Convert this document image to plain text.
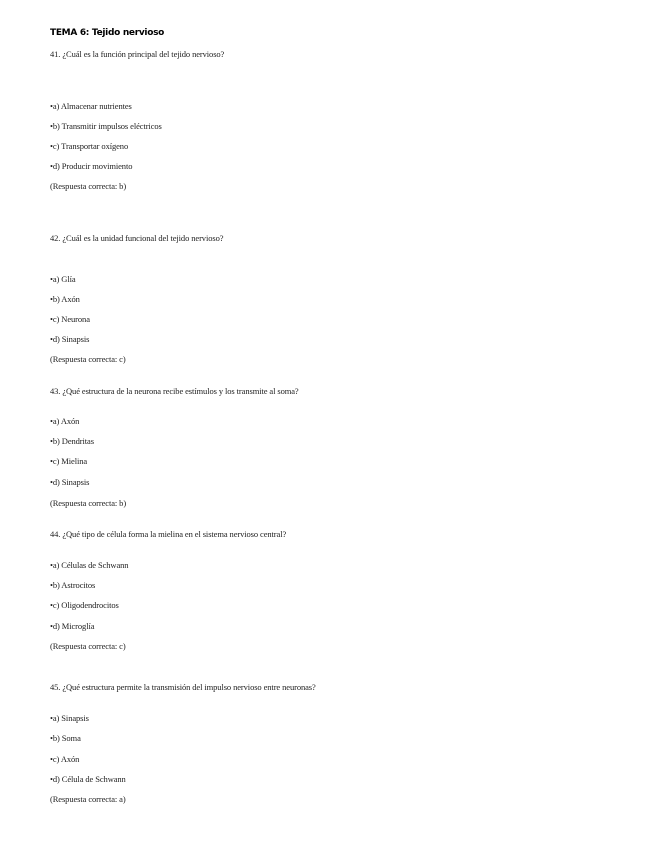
TEMA 6: Tejido nervioso
41. ¿Cuál es la función principal del tejido nervioso?
•a) Almacenar nutrientes
•b) Transmitir impulsos eléctricos
•c) Transportar oxígeno
•d) Producir movimiento
(Respuesta correcta: b)
42. ¿Cuál es la unidad funcional del tejido nervioso?
•a) Glía
•b) Axón
•c) Neurona
•d) Sinapsis
(Respuesta correcta: c)
43. ¿Qué estructura de la neurona recibe estímulos y los transmite al soma?
•a) Axón
•b) Dendritas
•c) Mielina
•d) Sinapsis
(Respuesta correcta: b)
44. ¿Qué tipo de célula forma la mielina en el sistema nervioso central?
•a) Células de Schwann
•b) Astrocitos
•c) Oligodendrocitos
•d) Microglía
(Respuesta correcta: c)
45. ¿Qué estructura permite la transmisión del impulso nervioso entre neuronas?
•a) Sinapsis
•b) Soma
•c) Axón
•d) Célula de Schwann
(Respuesta correcta: a)
